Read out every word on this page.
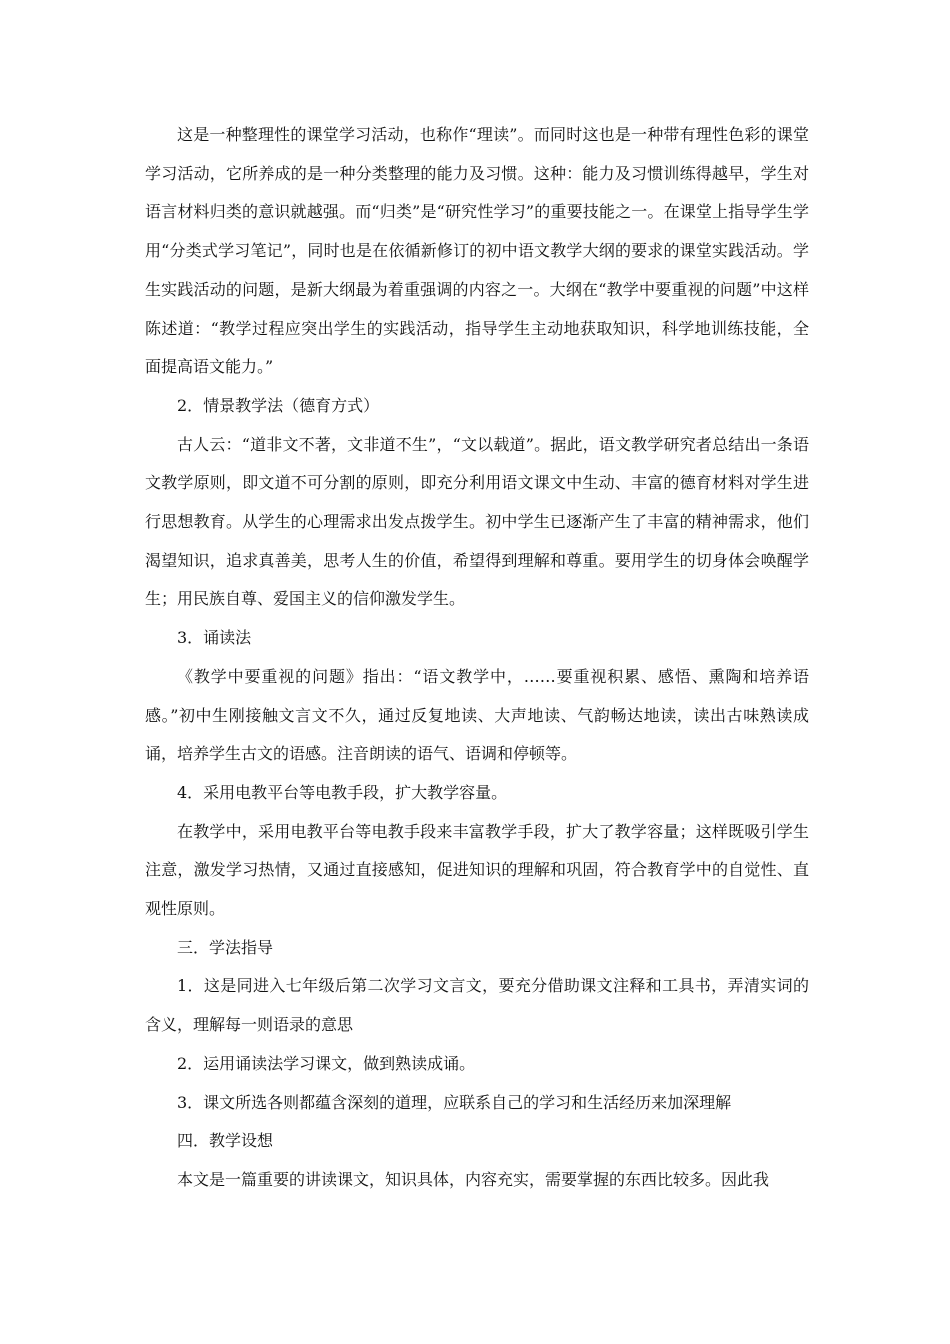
这是一种整理性的课堂学习活动，也称作“理读”。而同时这也是一种带有理性色彩的课堂学习活动，它所养成的是一种分类整理的能力及习惯。这种：能力及习惯训练得越早，学生对语言材料归类的意识就越强。而“归类”是“研究性学习”的重要技能之一。在课堂上指导学生学用“分类式学习笔记”，同时也是在依循新修订的初中语文教学大纲的要求的课堂实践活动。学生实践活动的问题，是新大纲最为着重强调的内容之一。大纲在“教学中要重视的问题”中这样陈述道：“教学过程应突出学生的实践活动，指导学生主动地获取知识，科学地训练技能，全面提高语文能力。”

2．情景教学法（德育方式）

古人云：“道非文不著，文非道不生”，“文以载道”。据此，语文教学研究者总结出一条语文教学原则，即文道不可分割的原则，即充分利用语文课文中生动、丰富的德育材料对学生进行思想教育。从学生的心理需求出发点拨学生。初中学生已逐渐产生了丰富的精神需求，他们渴望知识，追求真善美，思考人生的价值，希望得到理解和尊重。要用学生的切身体会唤醒学生；用民族自尊、爱国主义的信仰激发学生。

3．诵读法

《教学中要重视的问题》指出：“语文教学中，……要重视积累、感悟、熏陶和培养语感。”初中生刚接触文言文不久，通过反复地读、大声地读、气韵畅达地读，读出古味熟读成诵，培养学生古文的语感。注音朗读的语气、语调和停顿等。

4．采用电教平台等电教手段，扩大教学容量。

在教学中，采用电教平台等电教手段来丰富教学手段，扩大了教学容量；这样既吸引学生注意，激发学习热情，又通过直接感知，促进知识的理解和巩固，符合教育学中的自觉性、直观性原则。

三．学法指导

1．这是同进入七年级后第二次学习文言文，要充分借助课文注释和工具书，弄清实词的含义，理解每一则语录的意思

2．运用诵读法学习课文，做到熟读成诵。

3．课文所选各则都蕴含深刻的道理，应联系自己的学习和生活经历来加深理解

四．教学设想

本文是一篇重要的讲读课文，知识具体，内容充实，需要掌握的东西比较多。因此我
